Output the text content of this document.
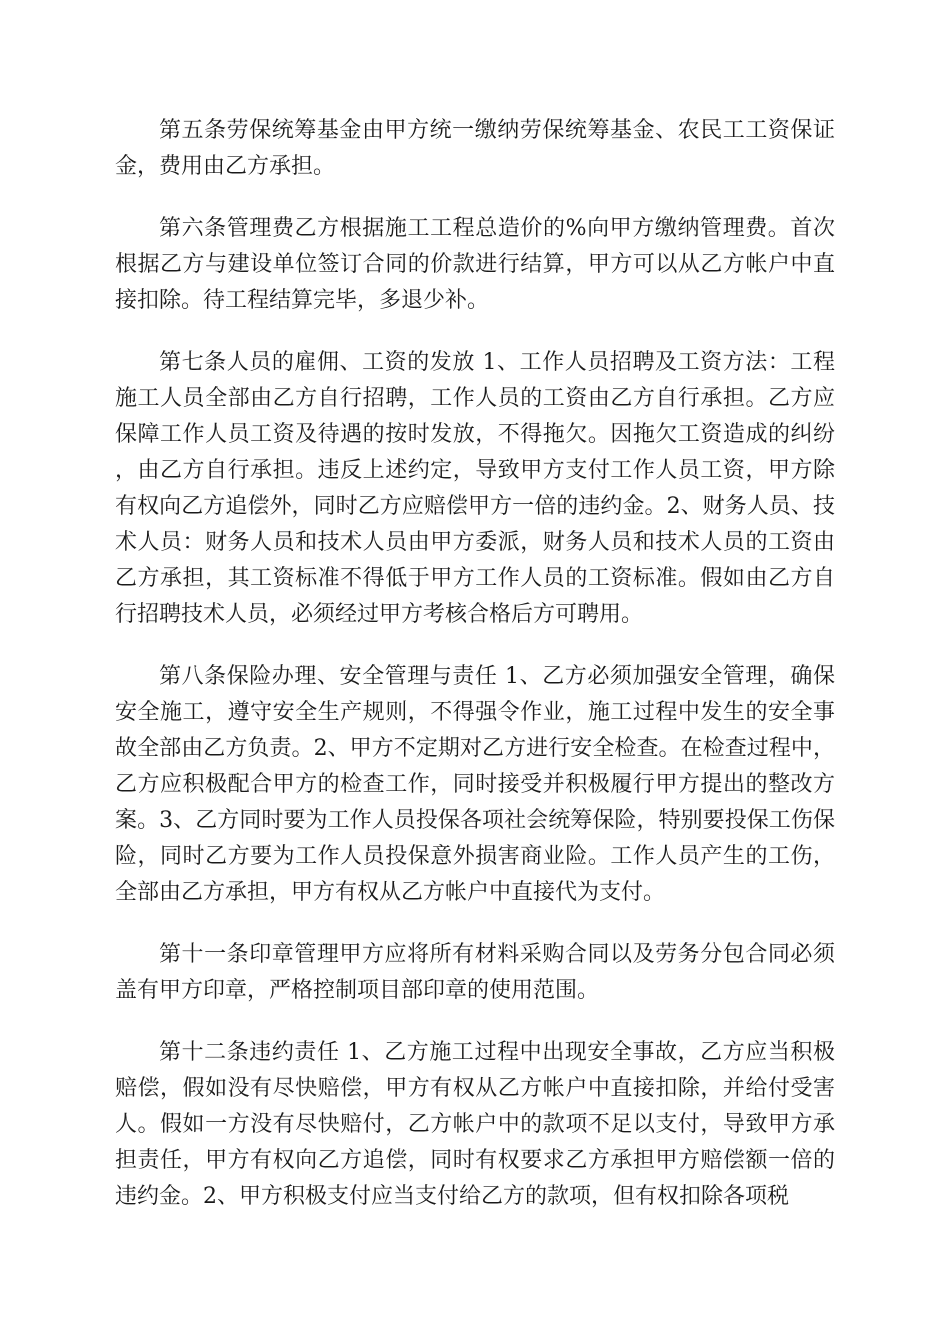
第五条劳保统筹基金由甲方统一缴纳劳保统筹基金、农民工工资保证金，费用由乙方承担。

第六条管理费乙方根据施工工程总造价的%向甲方缴纳管理费。首次根据乙方与建设单位签订合同的价款进行结算，甲方可以从乙方帐户中直接扣除。待工程结算完毕，多退少补。

第七条人员的雇佣、工资的发放 1、工作人员招聘及工资方法：工程施工人员全部由乙方自行招聘，工作人员的工资由乙方自行承担。乙方应保障工作人员工资及待遇的按时发放，不得拖欠。因拖欠工资造成的纠纷，由乙方自行承担。违反上述约定，导致甲方支付工作人员工资，甲方除有权向乙方追偿外，同时乙方应赔偿甲方一倍的违约金。2、财务人员、技术人员：财务人员和技术人员由甲方委派，财务人员和技术人员的工资由乙方承担，其工资标准不得低于甲方工作人员的工资标准。假如由乙方自行招聘技术人员，必须经过甲方考核合格后方可聘用。

第八条保险办理、安全管理与责任 1、乙方必须加强安全管理，确保安全施工，遵守安全生产规则，不得强令作业，施工过程中发生的安全事故全部由乙方负责。2、甲方不定期对乙方进行安全检查。在检查过程中，乙方应积极配合甲方的检查工作，同时接受并积极履行甲方提出的整改方案。3、乙方同时要为工作人员投保各项社会统筹保险，特别要投保工伤保险，同时乙方要为工作人员投保意外损害商业险。工作人员产生的工伤，全部由乙方承担，甲方有权从乙方帐户中直接代为支付。

第十一条印章管理甲方应将所有材料采购合同以及劳务分包合同必须盖有甲方印章，严格控制项目部印章的使用范围。

第十二条违约责任 1、乙方施工过程中出现安全事故，乙方应当积极赔偿，假如没有尽快赔偿，甲方有权从乙方帐户中直接扣除，并给付受害人。假如一方没有尽快赔付，乙方帐户中的款项不足以支付，导致甲方承担责任，甲方有权向乙方追偿，同时有权要求乙方承担甲方赔偿额一倍的违约金。2、甲方积极支付应当支付给乙方的款项，但有权扣除各项税
